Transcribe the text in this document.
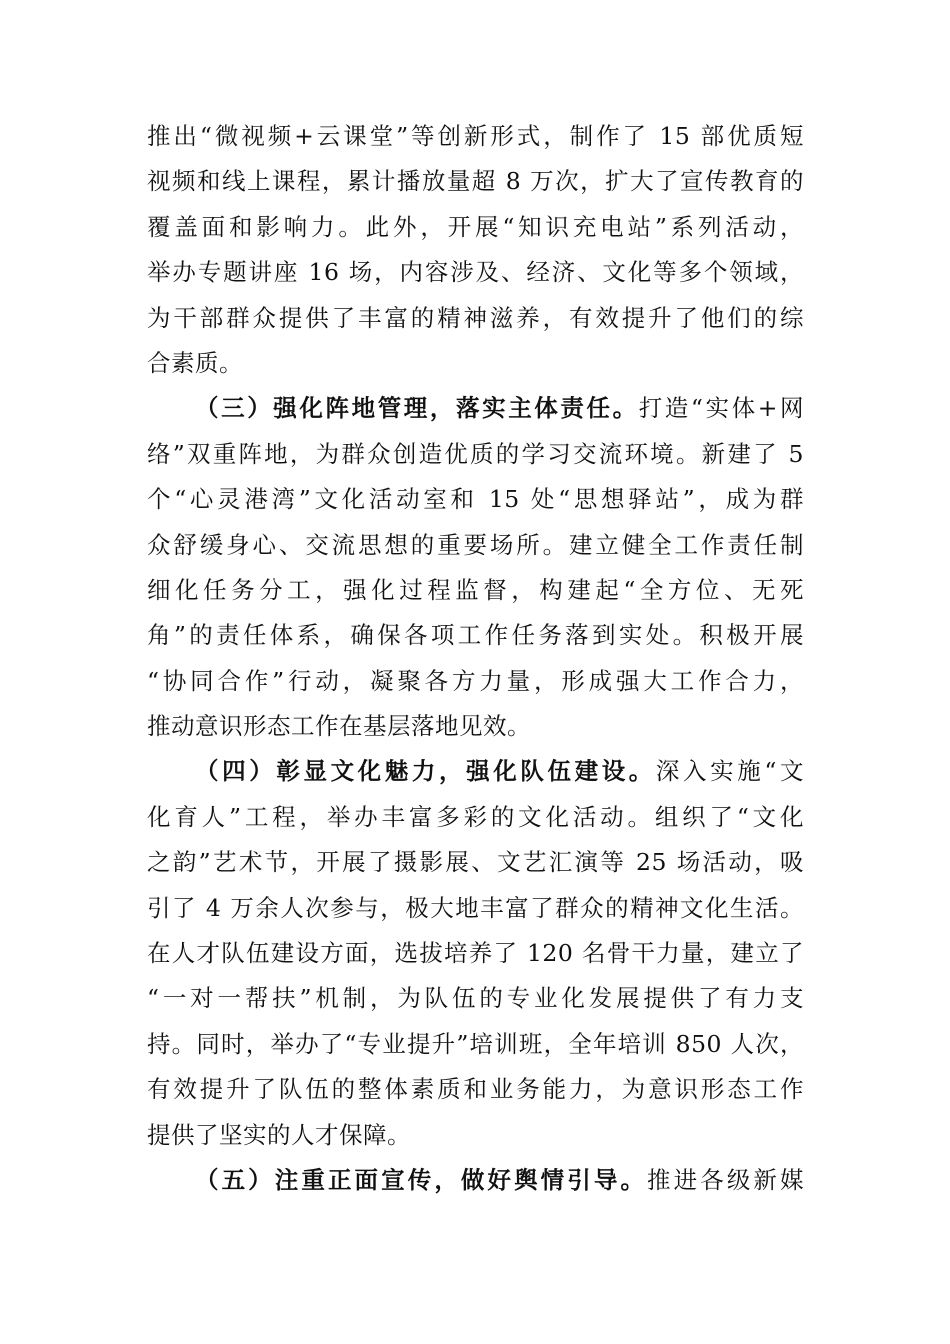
推出“微视频+云课堂”等创新形式，制作了 15 部优质短
视频和线上课程，累计播放量超 8 万次，扩大了宣传教育的
覆盖面和影响力。此外，开展“知识充电站”系列活动，
举办专题讲座 16 场，内容涉及、经济、文化等多个领域，
为干部群众提供了丰富的精神滋养，有效提升了他们的综
合素质。
（三）强化阵地管理，落实主体责任。打造“实体+网
络”双重阵地，为群众创造优质的学习交流环境。新建了 5
个“心灵港湾”文化活动室和 15 处“思想驿站”，成为群
众舒缓身心、交流思想的重要场所。建立健全工作责任制
细化任务分工，强化过程监督，构建起“全方位、无死
角”的责任体系，确保各项工作任务落到实处。积极开展
“协同合作”行动，凝聚各方力量，形成强大工作合力，
推动意识形态工作在基层落地见效。
（四）彰显文化魅力，强化队伍建设。深入实施“文
化育人”工程，举办丰富多彩的文化活动。组织了“文化
之韵”艺术节，开展了摄影展、文艺汇演等 25 场活动，吸
引了 4 万余人次参与，极大地丰富了群众的精神文化生活。
在人才队伍建设方面，选拔培养了 120 名骨干力量，建立了
“一对一帮扶”机制，为队伍的专业化发展提供了有力支
持。同时，举办了“专业提升”培训班，全年培训 850 人次，
有效提升了队伍的整体素质和业务能力，为意识形态工作
提供了坚实的人才保障。
（五）注重正面宣传，做好舆情引导。推进各级新媒
